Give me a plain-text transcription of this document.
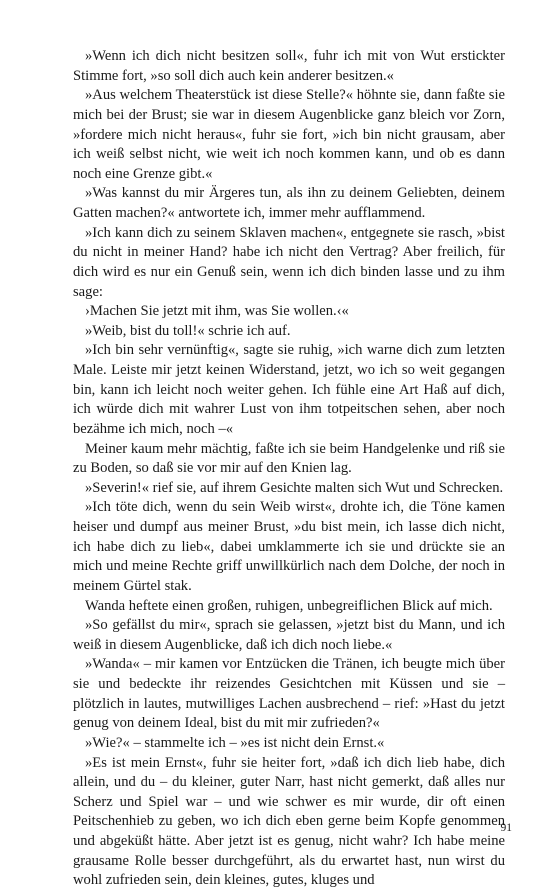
»Wenn ich dich nicht besitzen soll«, fuhr ich mit von Wut erstickter Stimme fort, »so soll dich auch kein anderer besitzen.«

»Aus welchem Theaterstück ist diese Stelle?« höhnte sie, dann faßte sie mich bei der Brust; sie war in diesem Augenblicke ganz bleich vor Zorn, »fordere mich nicht heraus«, fuhr sie fort, »ich bin nicht grausam, aber ich weiß selbst nicht, wie weit ich noch kommen kann, und ob es dann noch eine Grenze gibt.«

»Was kannst du mir Ärgeres tun, als ihn zu deinem Geliebten, deinem Gatten machen?« antwortete ich, immer mehr aufflammend.

»Ich kann dich zu seinem Sklaven machen«, entgegnete sie rasch, »bist du nicht in meiner Hand? habe ich nicht den Vertrag? Aber freilich, für dich wird es nur ein Genuß sein, wenn ich dich binden lasse und zu ihm sage:

›Machen Sie jetzt mit ihm, was Sie wollen.‹«

»Weib, bist du toll!« schrie ich auf.

»Ich bin sehr vernünftig«, sagte sie ruhig, »ich warne dich zum letzten Male. Leiste mir jetzt keinen Widerstand, jetzt, wo ich so weit gegangen bin, kann ich leicht noch weiter gehen. Ich fühle eine Art Haß auf dich, ich würde dich mit wahrer Lust von ihm totpeitschen sehen, aber noch bezähme ich mich, noch –«

Meiner kaum mehr mächtig, faßte ich sie beim Handgelenke und riß sie zu Boden, so daß sie vor mir auf den Knien lag.

»Severin!« rief sie, auf ihrem Gesichte malten sich Wut und Schrecken.

»Ich töte dich, wenn du sein Weib wirst«, drohte ich, die Töne kamen heiser und dumpf aus meiner Brust, »du bist mein, ich lasse dich nicht, ich habe dich zu lieb«, dabei umklammerte ich sie und drückte sie an mich und meine Rechte griff unwillkürlich nach dem Dolche, der noch in meinem Gürtel stak.

Wanda heftete einen großen, ruhigen, unbegreiflichen Blick auf mich.

»So gefällst du mir«, sprach sie gelassen, »jetzt bist du Mann, und ich weiß in diesem Augenblicke, daß ich dich noch liebe.«

»Wanda« – mir kamen vor Entzücken die Tränen, ich beugte mich über sie und bedeckte ihr reizendes Gesichtchen mit Küssen und sie – plötzlich in lautes, mutwilliges Lachen ausbrechend – rief: »Hast du jetzt genug von deinem Ideal, bist du mit mir zufrieden?«

»Wie?« – stammelte ich – »es ist nicht dein Ernst.«

»Es ist mein Ernst«, fuhr sie heiter fort, »daß ich dich lieb habe, dich allein, und du – du kleiner, guter Narr, hast nicht gemerkt, daß alles nur Scherz und Spiel war – und wie schwer es mir wurde, dir oft einen Peitschenhieb zu geben, wo ich dich eben gerne beim Kopfe genommen und abgeküßt hätte. Aber jetzt ist es genug, nicht wahr? Ich habe meine grausame Rolle besser durchgeführt, als du erwartet hast, nun wirst du wohl zufrieden sein, dein kleines, gutes, kluges und

91
